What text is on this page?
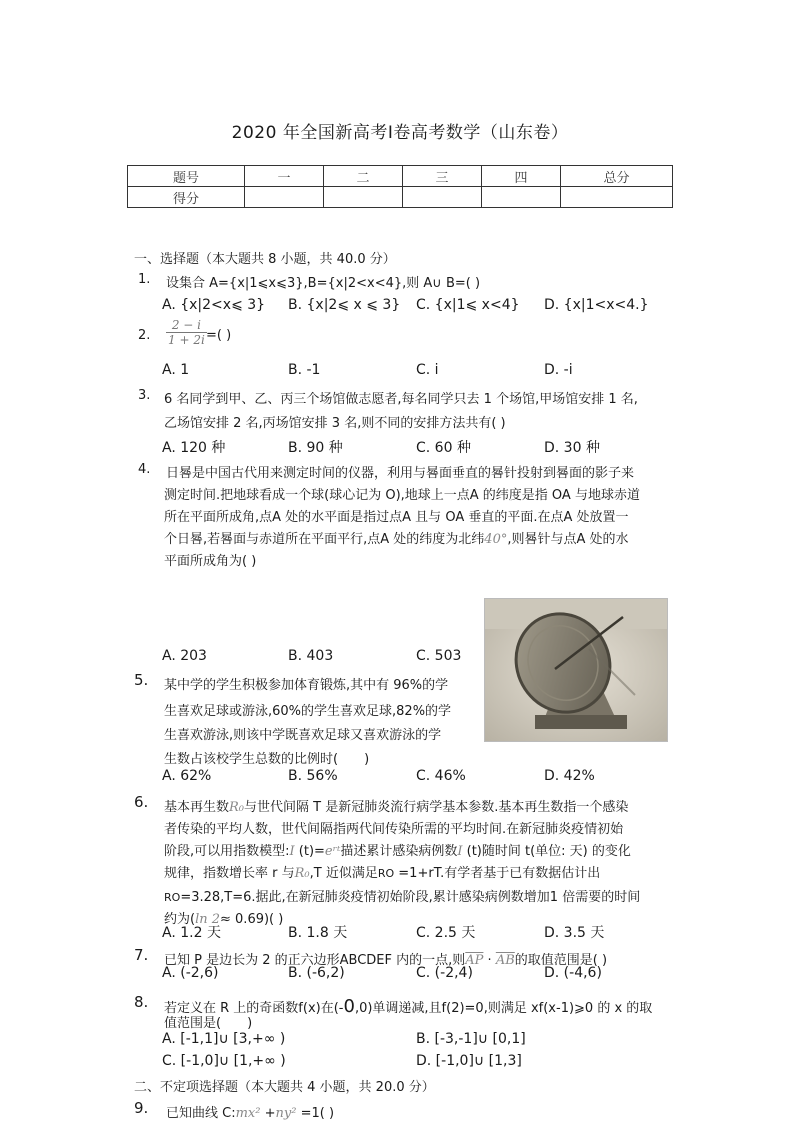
2020 年全国新高考Ⅰ卷高考数学（山东卷）
题号	一	二	三	四	总分
得分					
一、选择题（本大题共 8 小题，共 40.0 分）
1. 设集合 A={x|1⩽x⩽3},B={x|2<x<4},则 A∪ B=( )
A. {x|2<x⩽ 3} B. {x|2⩽ x ⩽ 3} C. {x|1⩽ x<4} D. {x|1<x<4.}
2. $\frac{2 - i}{1 + 2i}$ =( )
A. 1	B. -1	C. i	D. -i
3. 6 名同学到甲、乙、丙三个场馆做志愿者,每名同学只去 1 个场馆,甲场馆安排 1 名,
乙场馆安排 2 名,丙场馆安排 3 名,则不同的安排方法共有( )
A. 120 种	B. 90 种	C. 60 种	D. 30 种
4. 日晷是中国古代用来测定时间的仪器，利用与晷面垂直的晷针投射到晷面的影子来
测定时间.把地球看成一个球(球心记为 O),地球上一点A 的纬度是指 OA 与地球赤道
所在平面所成角,点A 处的水平面是指过点A 且与 OA 垂直的平面.在点A 处放置一
个日晷,若晷面与赤道所在平面平行,点A 处的纬度为北纬40°,则晷针与点A 处的水
平面所成角为( )
A. 203	B. 403	C. 503
5. 某中学的学生积极参加体育锻炼,其中有 96%的学
生喜欢足球或游泳,60%的学生喜欢足球,82%的学
生喜欢游泳,则该中学既喜欢足球又喜欢游泳的学
生数占该校学生总数的比例时(　　)
A. 62%	B. 56%	C. 46%	D. 42%
6. 基本再生数R₀与世代间隔 T 是新冠肺炎流行病学基本参数.基本再生数指一个感染
者传染的平均人数，世代间隔指两代间传染所需的平均时间.在新冠肺炎疫情初始
阶段,可以用指数模型:I (t)=eʳᵗ描述累计感染病例数I (t)随时间 t(单位: 天) 的变化
规律，指数增长率 r 与R₀,T 近似满足RO =1+rT.有学者基于已有数据估计出
RO=3.28,T=6.据此,在新冠肺炎疫情初始阶段,累计感染病例数增加1 倍需要的时间
约为(ln 2≈ 0.69)( )
A. 1.2 天	B. 1.8 天	C. 2.5 天	D. 3.5 天
7. 已知 P 是边长为 2 的正六边形ABCDEF 内的一点,则$\overline{AP} \cdot \overline{AB}$的取值范围是( )
A. (-2,6)	B. (-6,2)	C. (-2,4)	D. (-4,6)
8. 若定义在 R 上的奇函数f(x)在(-0,0)单调递减,且f(2)=0,则满足 xf(x-1)⩾0 的 x 的取
值范围是(　　)
A. [-1,1]∪ [3,+∞ )	B. [-3,-1]∪ [0,1]
C. [-1,0]∪ [1,+∞ )	D. [-1,0]∪ [1,3]
二、不定项选择题（本大题共 4 小题，共 20.0 分）
9. 已知曲线 C:mx² +ny² =1( )
